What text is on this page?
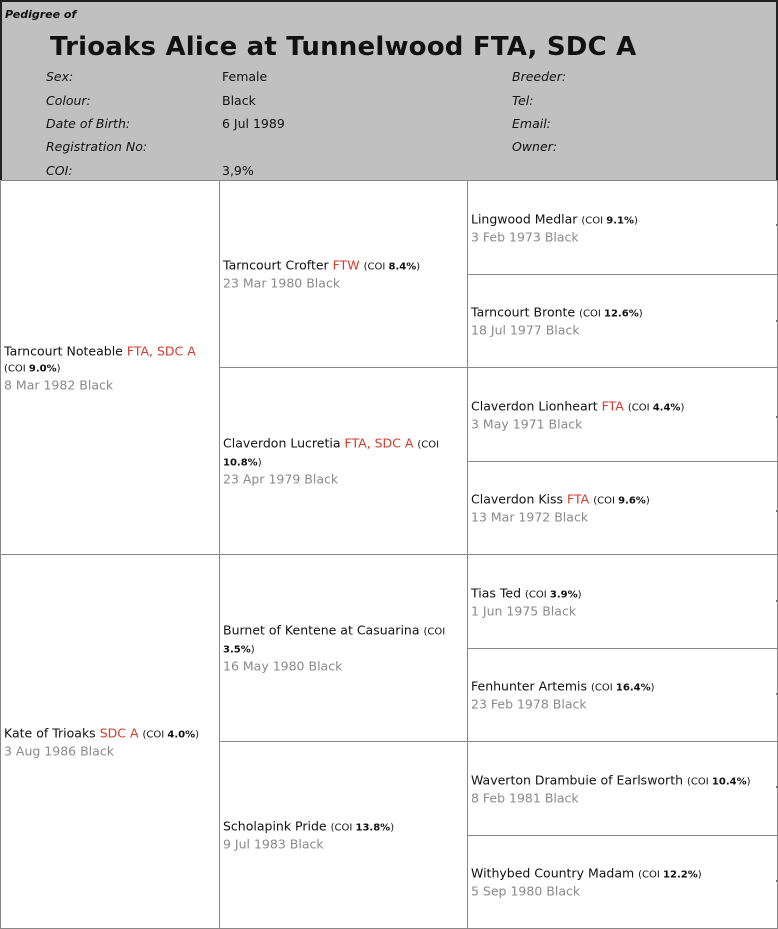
Pedigree of
Trioaks Alice at Tunnelwood FTA, SDC A
Sex:	Female
Colour:	Black
Date of Birth:	6 Jul 1989
Registration No:
COI:	3,9%
Breeder:
Tel:
Email:
Owner:
Tarncourt Noteable FTA, SDC A (COI 9.0%)
8 Mar 1982 Black
Kate of Trioaks SDC A (COI 4.0%)
3 Aug 1986 Black
Tarncourt Crofter FTW (COI 8.4%)
23 Mar 1980 Black
Claverdon Lucretia FTA, SDC A (COI 10.8%)
23 Apr 1979 Black
Burnet of Kentene at Casuarina (COI 3.5%)
16 May 1980 Black
Scholapink Pride (COI 13.8%)
9 Jul 1983 Black
Lingwood Medlar (COI 9.1%)
3 Feb 1973 Black
Tarncourt Bronte (COI 12.6%)
18 Jul 1977 Black
Claverdon Lionheart FTA (COI 4.4%)
3 May 1971 Black
Claverdon Kiss FTA (COI 9.6%)
13 Mar 1972 Black
Tias Ted (COI 3.9%)
1 Jun 1975 Black
Fenhunter Artemis (COI 16.4%)
23 Feb 1978 Black
Waverton Drambuie of Earlsworth (COI 10.4%)
8 Feb 1981 Black
Withybed Country Madam (COI 12.2%)
5 Sep 1980 Black
